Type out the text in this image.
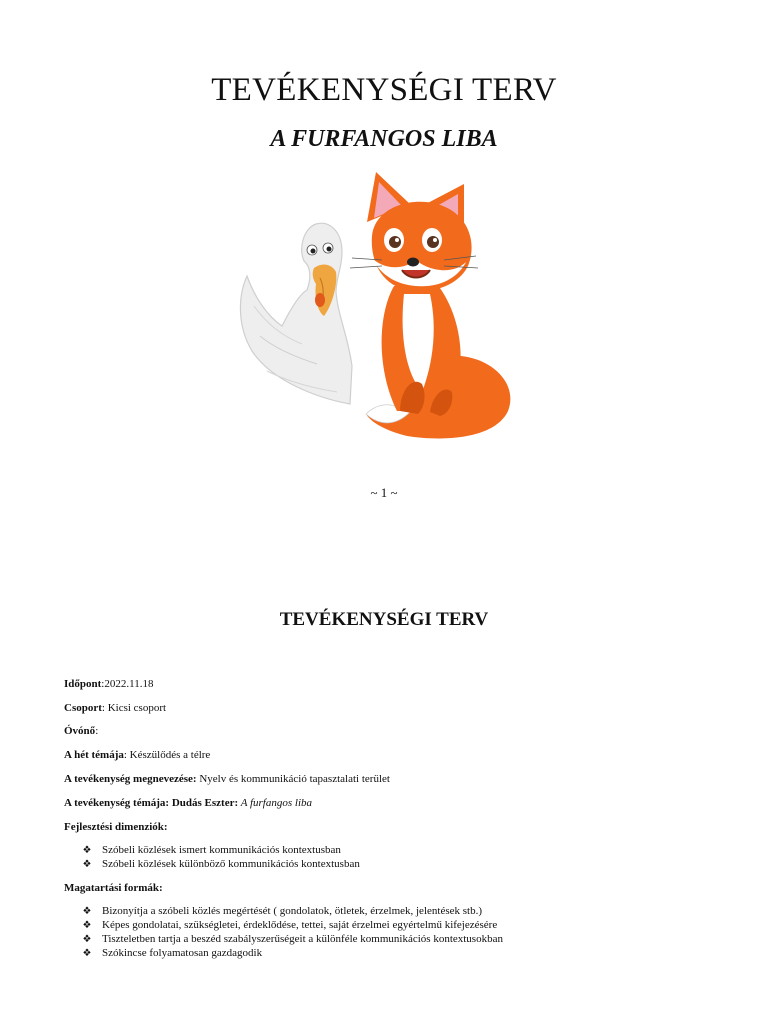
TEVÉKENYSÉGI TERV
A FURFANGOS LIBA
~ 1 ~
TEVÉKENYSÉGI TERV
Időpont:2022.11.18
Csoport: Kicsi csoport
Óvónő:
A hét témája: Készülődés a télre
A tevékenység megnevezése: Nyelv és kommunikáció tapasztalati terület
A tevékenység témája: Dudás Eszter: A furfangos liba
Fejlesztési dimenziók:
❖ Szóbeli közlések ismert kommunikációs kontextusban
❖ Szóbeli közlések különböző kommunikációs kontextusban
Magatartási formák:
❖ Bizonyítja a szóbeli közlés megértését ( gondolatok, ötletek, érzelmek, jelentések stb.)
❖ Képes gondolatai, szükségletei, érdeklődése, tettei, saját érzelmei egyértelmű kifejezésére
❖ Tiszteletben tartja a beszéd szabályszerűségeit a különféle kommunikációs kontextusokban
❖ Szókincse folyamatosan gazdagodik
